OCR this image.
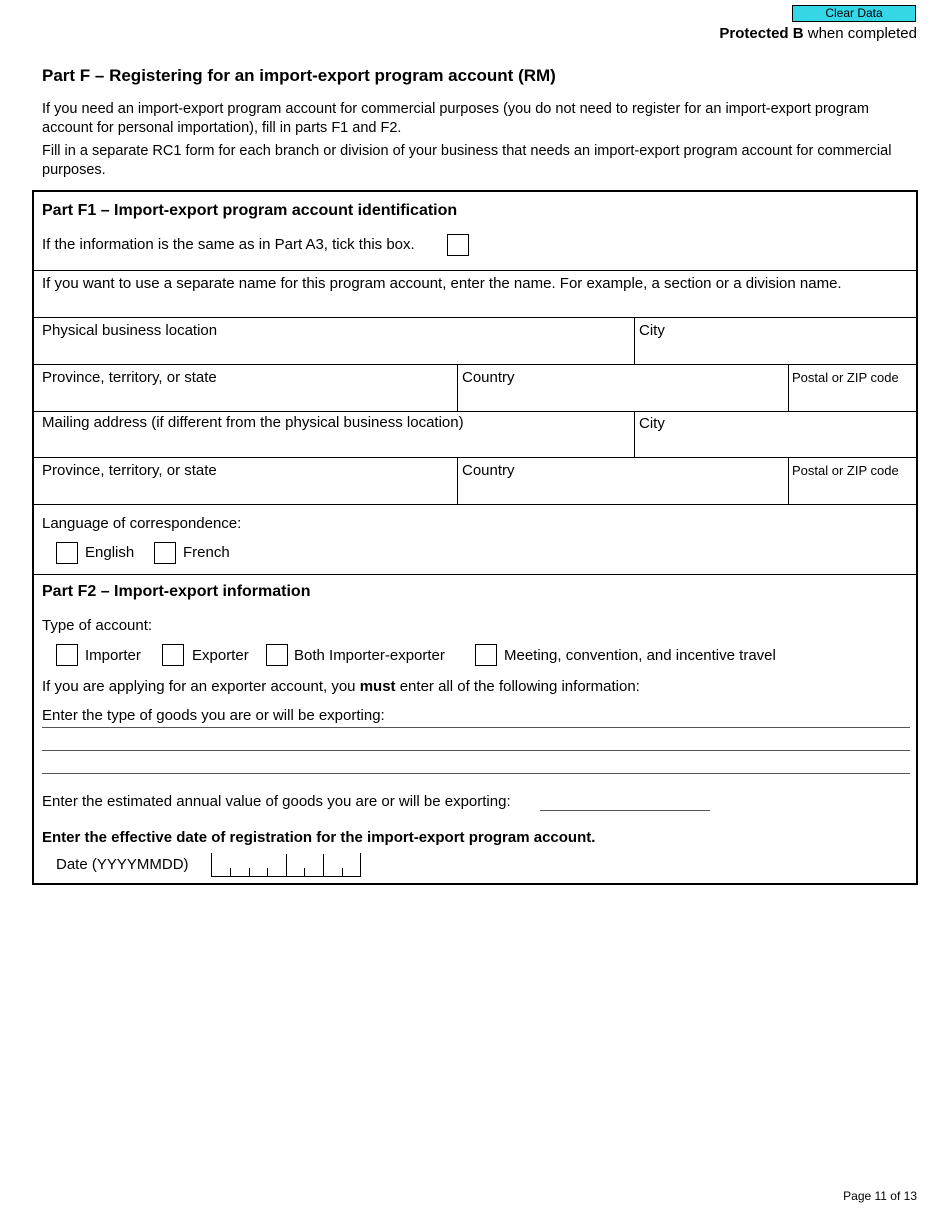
Clear Data
Protected B when completed
Part F – Registering for an import-export program account (RM)
If you need an import-export program account for commercial purposes (you do not need to register for an import-export program account for personal importation), fill in parts F1 and F2.
Fill in a separate RC1 form for each branch or division of your business that needs an import-export program account for commercial purposes.
Part F1 – Import-export program account identification
If the information is the same as in Part A3, tick this box.
If you want to use a separate name for this program account, enter the name. For example, a section or a division name.
Physical business location	City
Province, territory, or state	Country	Postal or ZIP code
Mailing address (if different from the physical business location)	City
Province, territory, or state	Country	Postal or ZIP code
Language of correspondence:
English	French
Part F2 – Import-export information
Type of account:
Importer	Exporter	Both Importer-exporter	Meeting, convention, and incentive travel
If you are applying for an exporter account, you must enter all of the following information:
Enter the type of goods you are or will be exporting:
Enter the estimated annual value of goods you are or will be exporting:
Enter the effective date of registration for the import-export program account.
Date (YYYYMMDD)
Page 11 of 13
